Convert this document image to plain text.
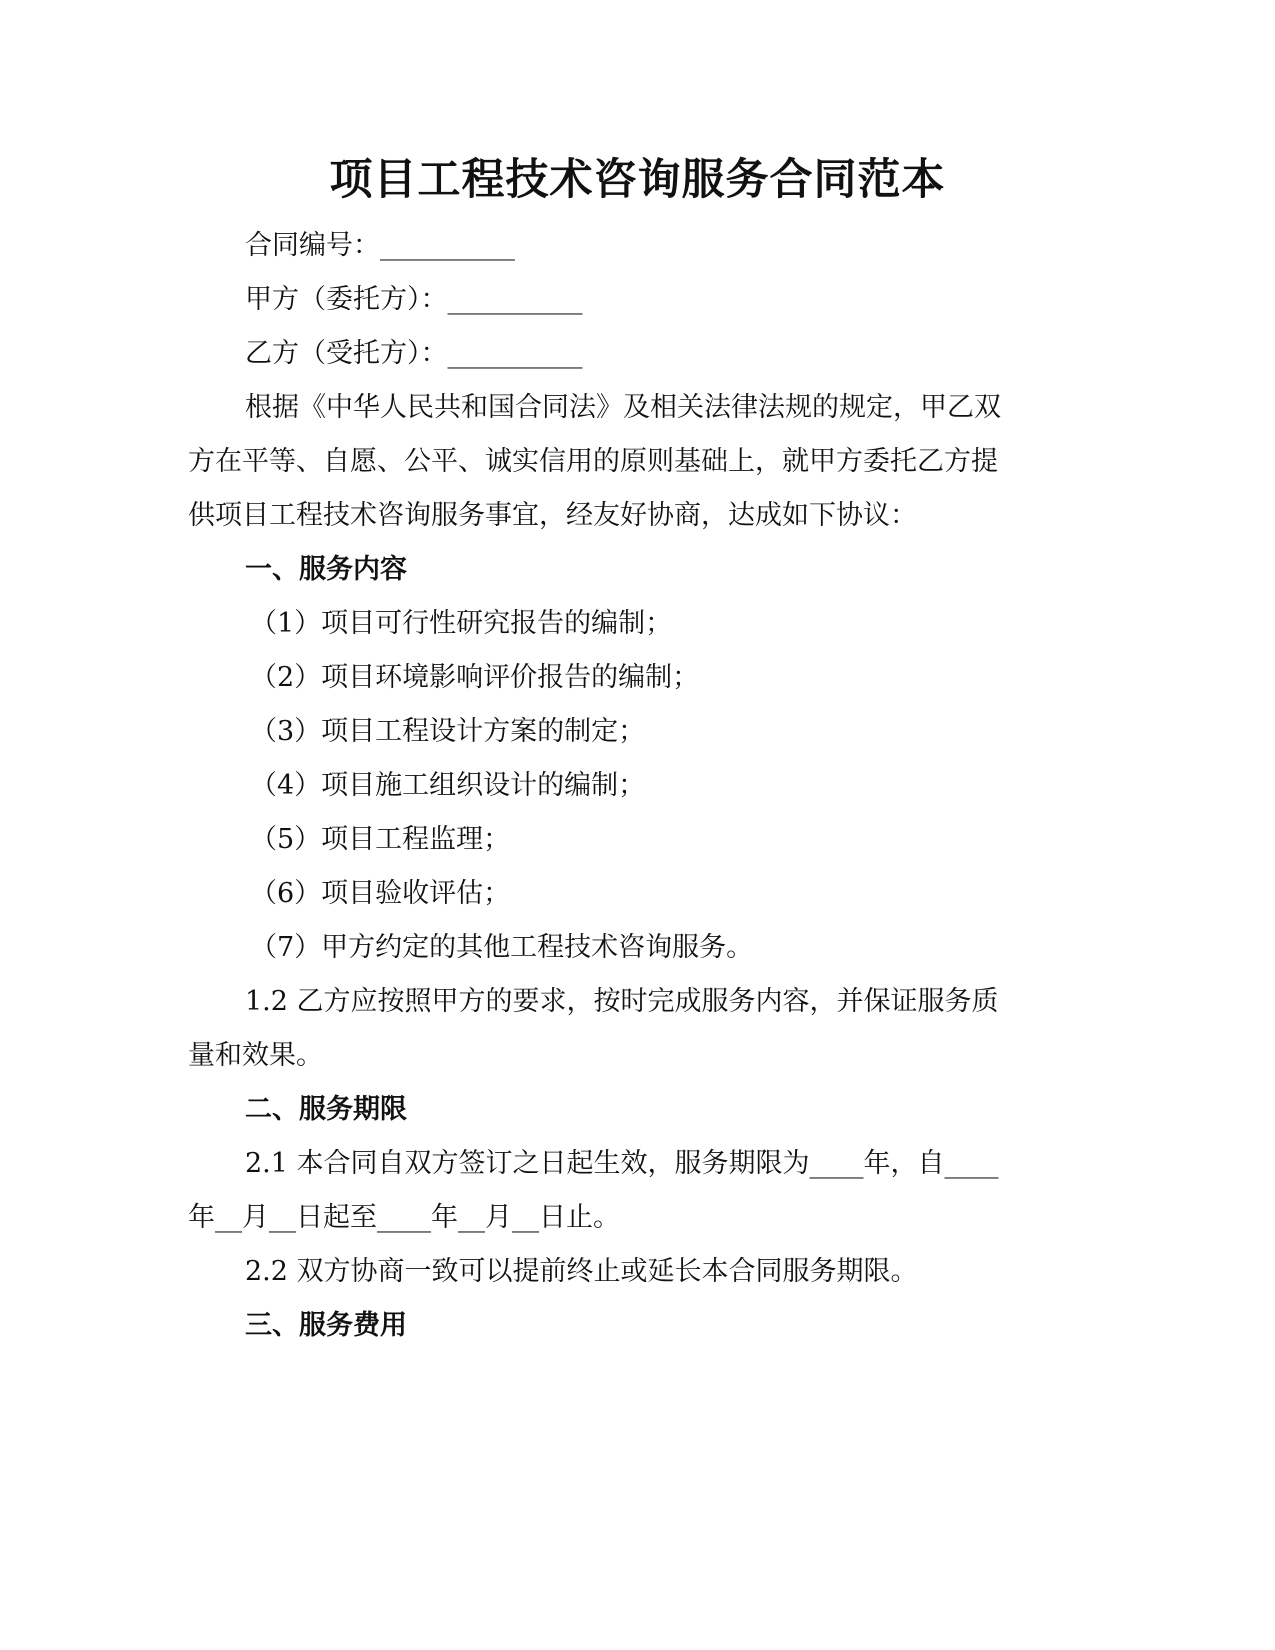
项目工程技术咨询服务合同范本
合同编号：__________
甲方（委托方）：__________
乙方（受托方）：__________
根据《中华人民共和国合同法》及相关法律法规的规定，甲乙双
方在平等、自愿、公平、诚实信用的原则基础上，就甲方委托乙方提
供项目工程技术咨询服务事宜，经友好协商，达成如下协议：
一、服务内容
（1）项目可行性研究报告的编制；
（2）项目环境影响评价报告的编制；
（3）项目工程设计方案的制定；
（4）项目施工组织设计的编制；
（5）项目工程监理；
（6）项目验收评估；
（7）甲方约定的其他工程技术咨询服务。
1.2 乙方应按照甲方的要求，按时完成服务内容，并保证服务质
量和效果。
二、服务期限
2.1 本合同自双方签订之日起生效，服务期限为____年，自____
年__月__日起至____年__月__日止。
2.2 双方协商一致可以提前终止或延长本合同服务期限。
三、服务费用
